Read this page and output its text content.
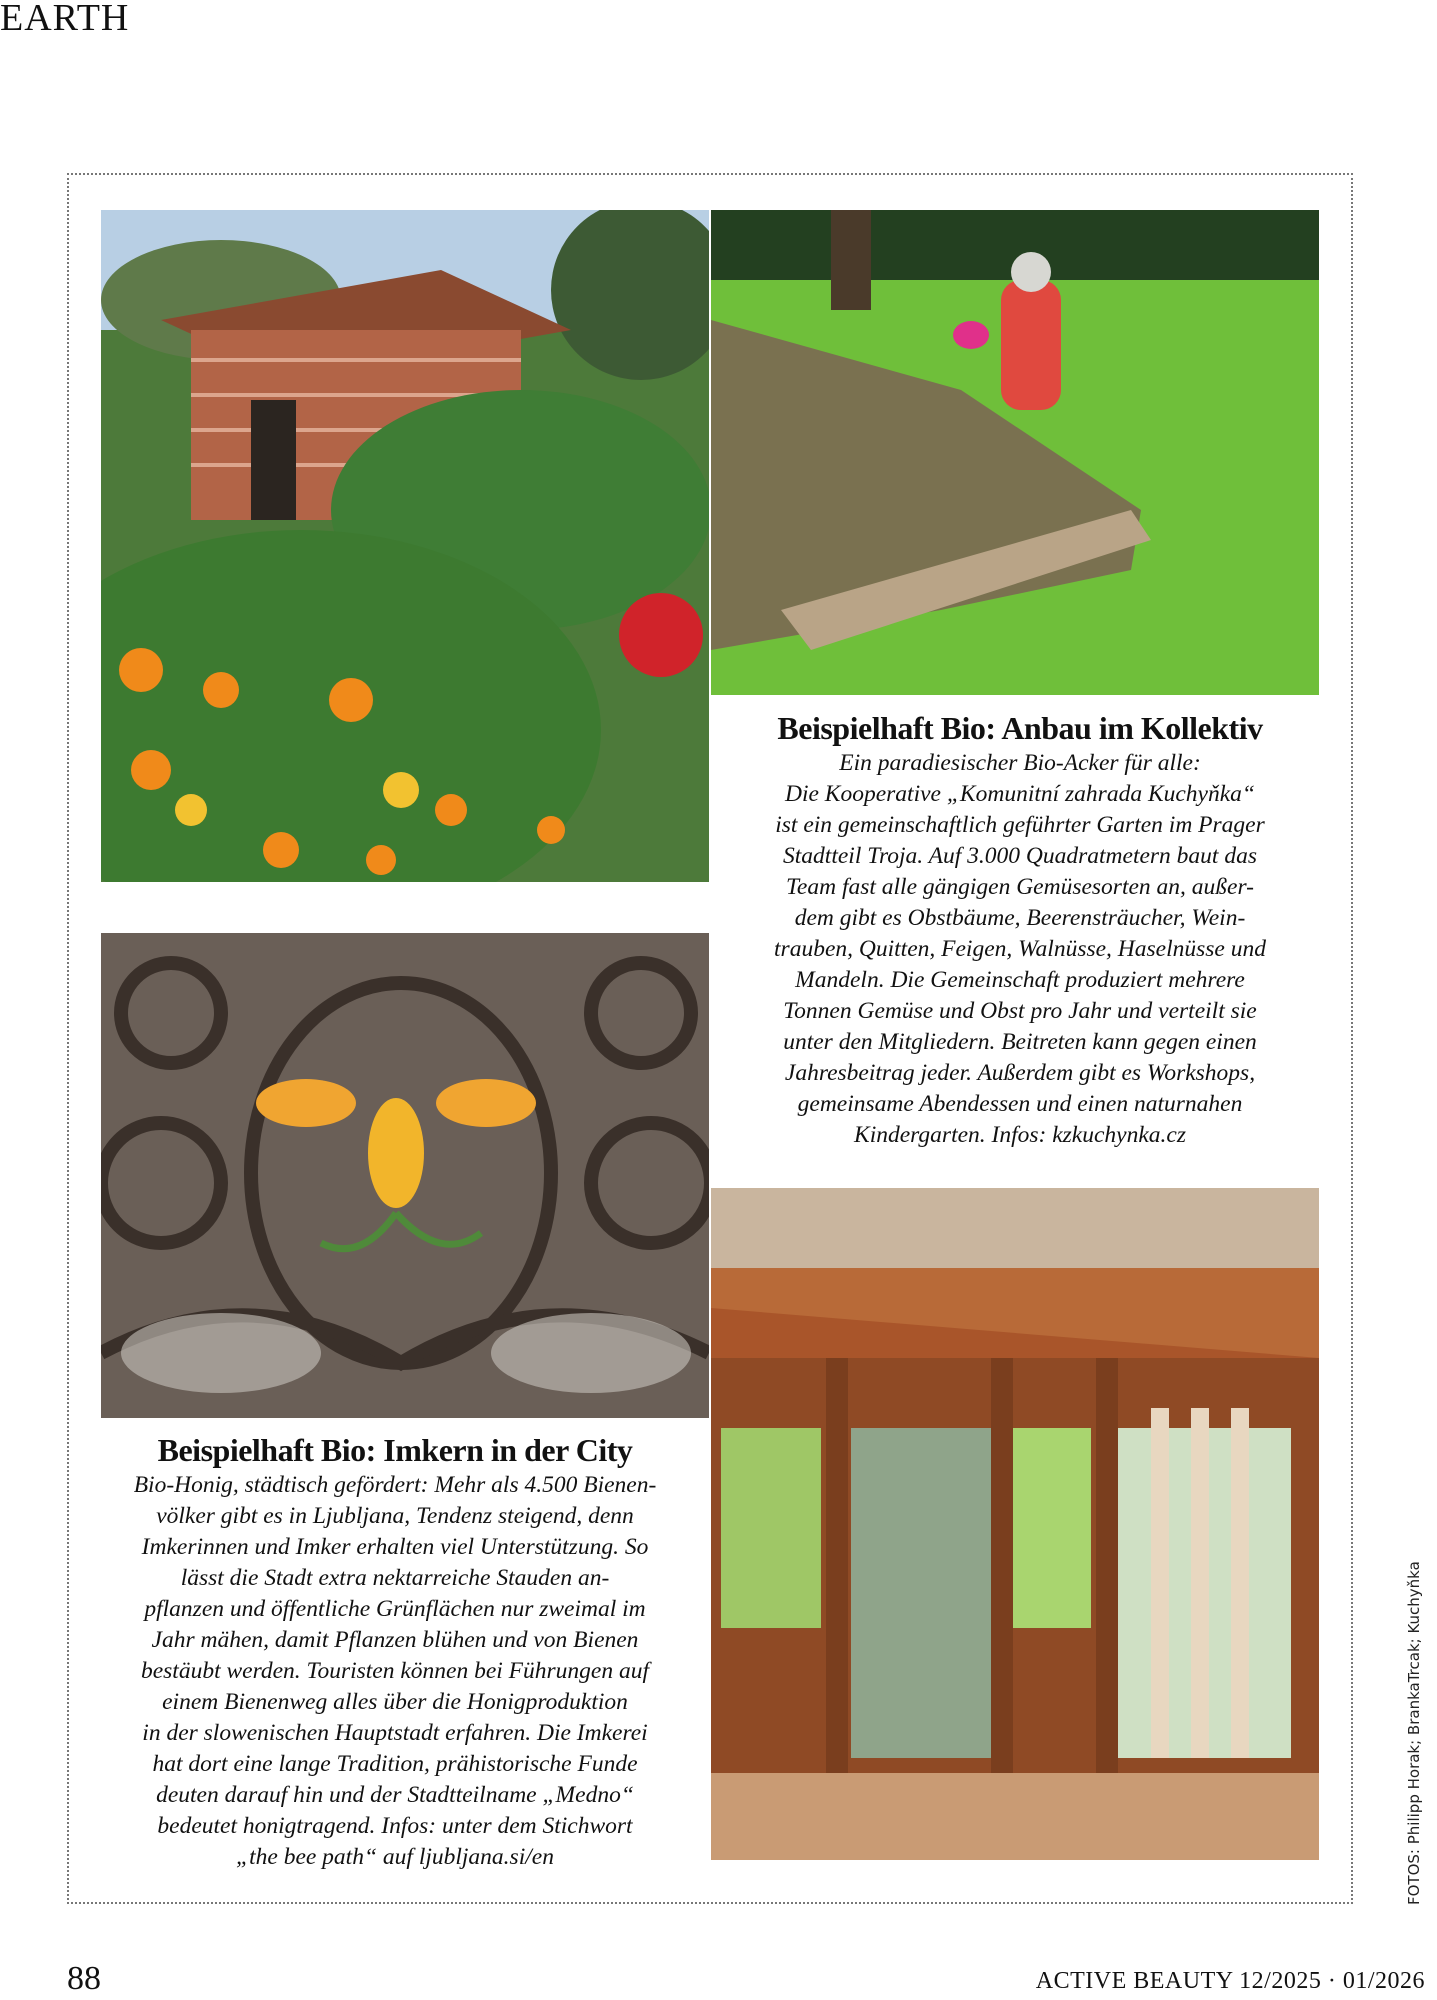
EARTH
Beispielhaft Bio: Anbau im Kollektiv
Ein paradiesischer Bio-Acker für alle:
Die Kooperative „Komunitní zahrada Kuchyňka“
ist ein gemeinschaftlich geführter Garten im Prager
Stadtteil Troja. Auf 3.000 Quadratmetern baut das
Team fast alle gängigen Gemüsesorten an, außer-
dem gibt es Obstbäume, Beerensträucher, Wein-
trauben, Quitten, Feigen, Walnüsse, Haselnüsse und
Mandeln. Die Gemeinschaft produziert mehrere
Tonnen Gemüse und Obst pro Jahr und verteilt sie
unter den Mitgliedern. Beitreten kann gegen einen
Jahresbeitrag jeder. Außerdem gibt es Workshops,
gemeinsame Abendessen und einen naturnahen
Kindergarten. Infos: kzkuchynka.cz
Beispielhaft Bio: Imkern in der City
Bio-Honig, städtisch gefördert: Mehr als 4.500 Bienen-
völker gibt es in Ljubljana, Tendenz steigend, denn
Imkerinnen und Imker erhalten viel Unterstützung. So
lässt die Stadt extra nektarreiche Stauden an-
pflanzen und öffentliche Grünflächen nur zweimal im
Jahr mähen, damit Pflanzen blühen und von Bienen
bestäubt werden. Touristen können bei Führungen auf
einem Bienenweg alles über die Honigproduktion
in der slowenischen Hauptstadt erfahren. Die Imkerei
hat dort eine lange Tradition, prähistorische Funde
deuten darauf hin und der Stadtteilname „Medno“
bedeutet honigtragend. Infos: unter dem Stichwort
„the bee path“ auf ljubljana.si/en	FOTOS: Philipp Horak; BrankaTrcak; Kuchyňka
88	ACTIVE BEAUTY 12/2025 · 01/2026
